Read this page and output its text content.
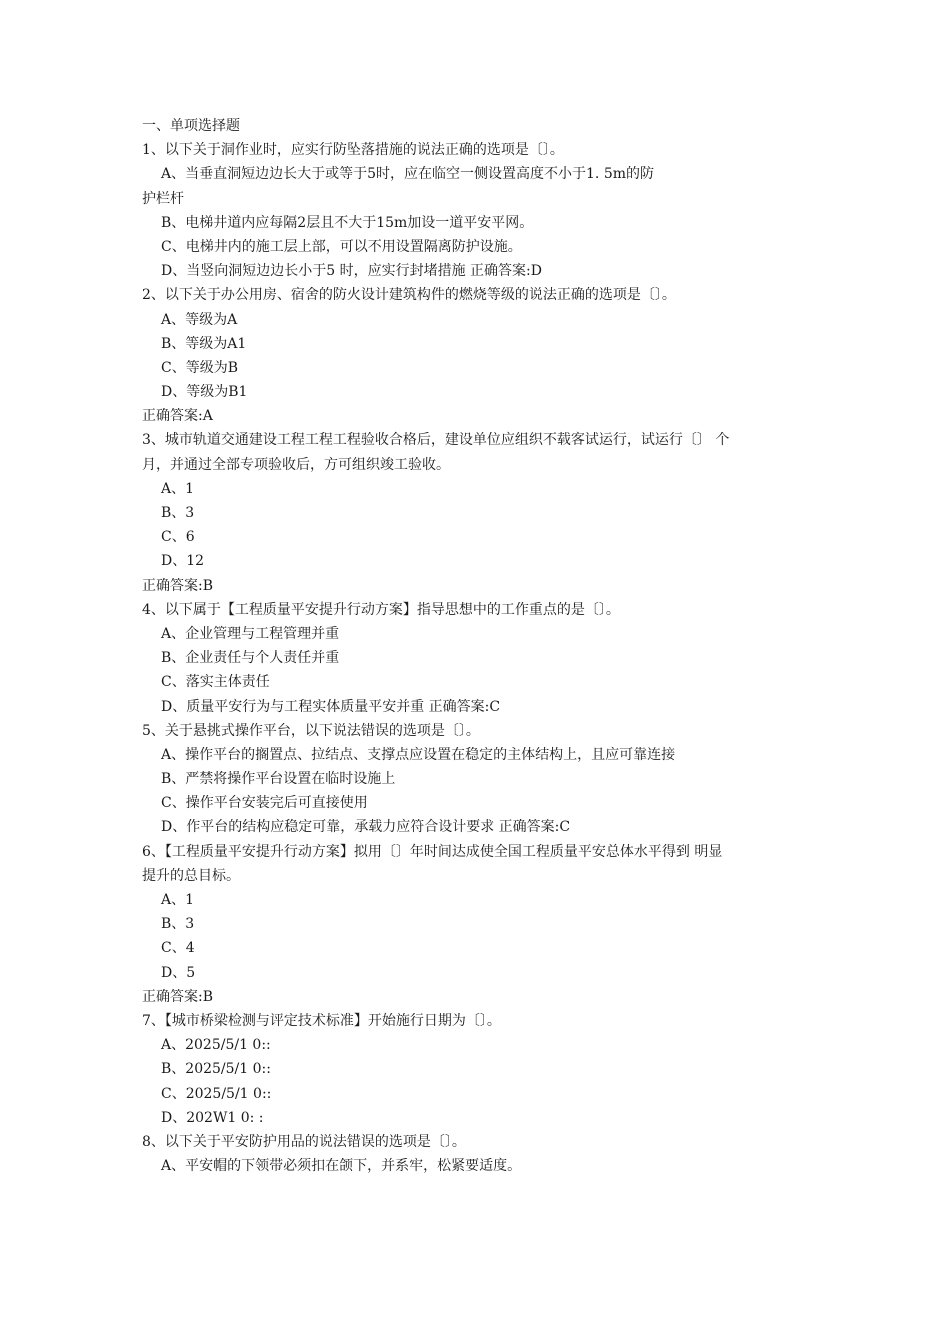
一、单项选择题
1、以下关于洞作业时，应实行防坠落措施的说法正确的选项是〔〕。
A、当垂直洞短边边长大于或等于5时，应在临空一侧设置高度不小于1. 5m的防
护栏杆
B、电梯井道内应每隔2层且不大于15m加设一道平安平网。
C、电梯井内的施工层上部，可以不用设置隔离防护设施。
D、当竖向洞短边边长小于5 时，应实行封堵措施 正确答案:D
2、以下关于办公用房、宿舍的防火设计建筑构件的燃烧等级的说法正确的选项是〔〕。
A、等级为A
B、等级为A1
C、等级为B
D、等级为B1
正确答案:A
3、城市轨道交通建设工程工程工程验收合格后，建设单位应组织不载客试运行，试运行〔〕 个
月，并通过全部专项验收后，方可组织竣工验收。
A、1
B、3
C、6
D、12
正确答案:B
4、以下属于【工程质量平安提升行动方案】指导思想中的工作重点的是〔〕。
A、企业管理与工程管理并重
B、企业责任与个人责任并重
C、落实主体责任
D、质量平安行为与工程实体质量平安并重 正确答案:C
5、关于悬挑式操作平台，以下说法错误的选项是〔〕。
A、操作平台的搁置点、拉结点、支撑点应设置在稳定的主体结构上，且应可靠连接
B、严禁将操作平台设置在临时设施上
C、操作平台安装完后可直接使用
D、作平台的结构应稳定可靠，承载力应符合设计要求 正确答案:C
6、【工程质量平安提升行动方案】拟用〔〕年时间达成使全国工程质量平安总体水平得到 明显
提升的总目标。
A、1
B、3
C、4
D、5
正确答案:B
7、【城市桥梁检测与评定技术标准】开始施行日期为〔〕。
A、2025/5/1 0::
B、2025/5/1 0::
C、2025/5/1 0::
D、202W1 0: :
8、以下关于平安防护用品的说法错误的选项是〔〕。
A、平安帽的下领带必须扣在颌下，并系牢，松紧要适度。
